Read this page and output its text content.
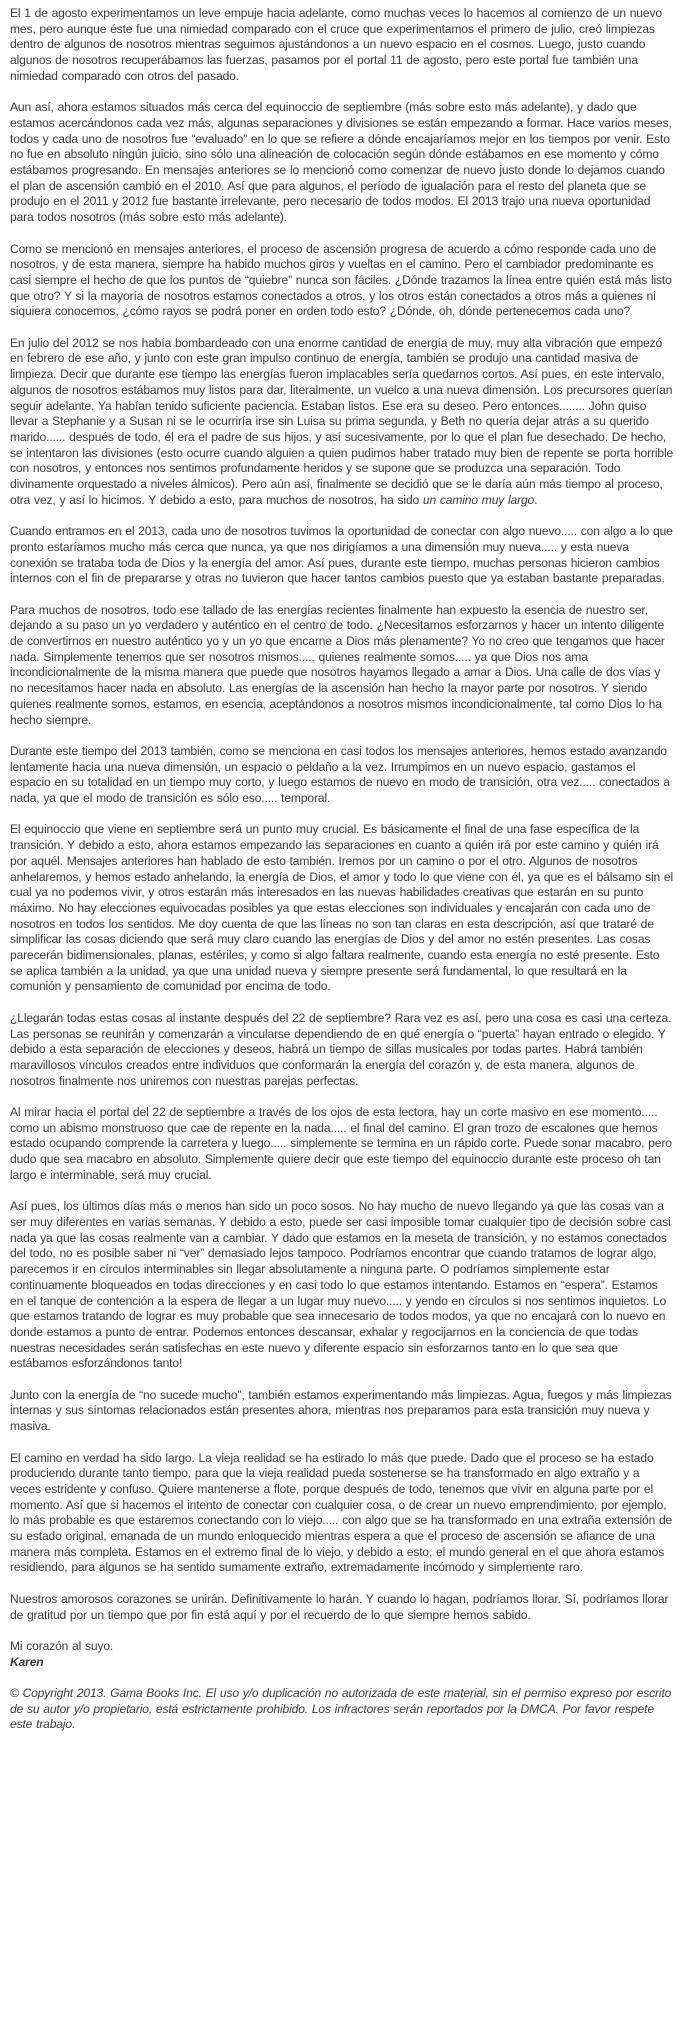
El 1 de agosto experimentamos un leve empuje hacia adelante, como muchas veces lo hacemos al comienzo de un nuevo mes, pero aunque éste fue una nimiedad comparado con el cruce que experimentamos el primero de julio, creó limpiezas dentro de algunos de nosotros mientras seguimos ajustándonos a un nuevo espacio en el cosmos. Luego, justo cuando algunos de nosotros recuperábamos las fuerzas, pasamos por el portal 11 de agosto, pero este portal fue también una nimiedad comparado con otros del pasado.

Aun así, ahora estamos situados más cerca del equinoccio de septiembre (más sobre esto más adelante), y dado que estamos acercándonos cada vez más, algunas separaciones y divisiones se están empezando a formar. Hace varios meses, todos y cada uno de nosotros fue “evaluado” en lo que se refiere a dónde encajaríamos mejor en los tiempos por venir. Esto no fue en absoluto ningún juicio, sino sólo una alineación de colocación según dónde estábamos en ese momento y cómo estábamos progresando. En mensajes anteriores se lo mencionó como comenzar de nuevo justo donde lo dejamos cuando el plan de ascensión cambió en el 2010. Así que para algunos, el período de igualación para el resto del planeta que se produjo en el 2011 y 2012 fue bastante irrelevante, pero necesario de todos modos. El 2013 trajo una nueva oportunidad para todos nosotros (más sobre esto más adelante).

Como se mencionó en mensajes anteriores, el proceso de ascensión progresa de acuerdo a cómo responde cada uno de nosotros, y de esta manera, siempre ha habido muchos giros y vueltas en el camino. Pero el cambiador predominante es casi siempre el hecho de que los puntos de “quiebre” nunca son fáciles. ¿Dónde trazamos la línea entre quién está más listo que otro? Y si la mayoría de nosotros estamos conectados a otros, y los otros están conectados a otros más a quienes ni siquiera conocemos, ¿cómo rayos se podrá poner en orden todo esto? ¿Dónde, oh, dónde pertenecemos cada uno?

En julio del 2012 se nos había bombardeado con una enorme cantidad de energía de muy, muy alta vibración que empezó en febrero de ese año, y junto con este gran impulso continuo de energía, también se produjo una cantidad masiva de limpieza. Decir que durante ese tiempo las energías fueron implacables sería quedarnos cortos. Así pues, en este intervalo, algunos de nosotros estábamos muy listos para dar, literalmente, un vuelco a una nueva dimensión. Los precursores querían seguir adelante. Ya habían tenido suficiente paciencia. Estaban listos. Ese era su deseo. Pero entonces........ John quiso llevar a Stephanie y a Susan ni se le ocurriría irse sin Luisa su prima segunda, y Beth no quería dejar atrás a su querido marido...... después de todo, él era el padre de sus hijos, y así sucesivamente, por lo que el plan fue desechado. De hecho, se intentaron las divisiones (esto ocurre cuando alguien a quien pudimos haber tratado muy bien de repente se porta horrible con nosotros, y entonces nos sentimos profundamente heridos y se supone que se produzca una separación. Todo divinamente orquestado a niveles álmicos). Pero aún así, finalmente se decidió que se le daría aún más tiempo al proceso, otra vez, y así lo hicimos. Y debido a esto, para muchos de nosotros, ha sido un camino muy largo.

Cuando entramos en el 2013, cada uno de nosotros tuvimos la oportunidad de conectar con algo nuevo..... con algo a lo que pronto estaríamos mucho más cerca que nunca, ya que nos dirigíamos a una dimensión muy nueva..... y esta nueva conexión se trataba toda de Dios y la energía del amor. Así pues, durante este tiempo, muchas personas hicieron cambios internos con el fin de prepararse y otras no tuvieron que hacer tantos cambios puesto que ya estaban bastante preparadas.

Para muchos de nosotros, todo ese tallado de las energías recientes finalmente han expuesto la esencia de nuestro ser, dejando a su paso un yo verdadero y auténtico en el centro de todo. ¿Necesitamos esforzarnos y hacer un intento diligente de convertirnos en nuestro auténtico yo y un yo que encarne a Dios más plenamente? Yo no creo que tengamos que hacer nada. Simplemente tenemos que ser nosotros mismos..... quienes realmente somos..... ya que Dios nos ama incondicionalmente de la misma manera que puede que nosotros hayamos llegado a amar a Dios. Una calle de dos vías y no necesitamos hacer nada en absoluto. Las energías de la ascensión han hecho la mayor parte por nosotros. Y siendo quienes realmente somos, estamos, en esencia, aceptándonos a nosotros mismos incondicionalmente, tal como Dios lo ha hecho siempre.

Durante este tiempo del 2013 también, como se menciona en casi todos los mensajes anteriores, hemos estado avanzando lentamente hacia una nueva dimensión, un espacio o peldaño a la vez. Irrumpimos en un nuevo espacio, gastamos el espacio en su totalidad en un tiempo muy corto, y luego estamos de nuevo en modo de transición, otra vez..... conectados a nada, ya que el modo de transición es sólo eso..... temporal.

El equinoccio que viene en septiembre será un punto muy crucial. Es básicamente el final de una fase específica de la transición. Y debido a esto, ahora estamos empezando las separaciones en cuanto a quién irá por este camino y quién irá por aquél. Mensajes anteriores han hablado de esto también. Iremos por un camino o por el otro. Algunos de nosotros anhelaremos, y hemos estado anhelando, la energía de Dios, el amor y todo lo que viene con él, ya que es el bálsamo sin el cual ya no podemos vivir, y otros estarán más interesados en las nuevas habilidades creativas que estarán en su punto máximo. No hay elecciones equivocadas posibles ya que estas elecciones son individuales y encajarán con cada uno de nosotros en todos los sentidos. Me doy cuenta de que las líneas no son tan claras en esta descripción, así que trataré de simplificar las cosas diciendo que será muy claro cuando las energías de Dios y del amor no estén presentes. Las cosas parecerán bidimensionales, planas, estériles, y como si algo faltara realmente, cuando esta energía no esté presente. Esto se aplica también a la unidad, ya que una unidad nueva y siempre presente será fundamental, lo que resultará en la comunión y pensamiento de comunidad por encima de todo.

¿Llegarán todas estas cosas al instante después del 22 de septiembre? Rara vez es así, pero una cosa es casi una certeza. Las personas se reunirán y comenzarán a vincularse dependiendo de en qué energía o “puerta” hayan entrado o elegido. Y debido a esta separación de elecciones y deseos, habrá un tiempo de sillas musicales por todas partes. Habrá también maravillosos vínculos creados entre individuos que conformarán la energía del corazón y, de esta manera, algunos de nosotros finalmente nos uniremos con nuestras parejas perfectas.

Al mirar hacia el portal del 22 de septiembre a través de los ojos de esta lectora, hay un corte masivo en ese momento..... como un abismo monstruoso que cae de repente en la nada..... el final del camino. El gran trozo de escalones que hemos estado ocupando comprende la carretera y luego..... simplemente se termina en un rápido corte. Puede sonar macabro, pero dudo que sea macabro en absoluto. Simplemente quiere decir que este tiempo del equinoccio durante este proceso oh tan largo e interminable, será muy crucial.

Así pues, los últimos días más o menos han sido un poco sosos. No hay mucho de nuevo llegando ya que las cosas van a ser muy diferentes en varias semanas. Y debido a esto, puede ser casi imposible tomar cualquier tipo de decisión sobre casi nada ya que las cosas realmente van a cambiar. Y dado que estamos en la meseta de transición, y no estamos conectados del todo, no es posible saber ni “ver” demasiado lejos tampoco. Podríamos encontrar que cuando tratamos de lograr algo, parecemos ir en círculos interminables sin llegar absolutamente a ninguna parte. O podríamos simplemente estar continuamente bloqueados en todas direcciones y en casi todo lo que estamos intentando. Estamos en “espera”. Estamos en el tanque de contención a la espera de llegar a un lugar muy nuevo..... y yendo en círculos si nos sentimos inquietos. Lo que estamos tratando de lograr es muy probable que sea innecesario de todos modos, ya que no encajará con lo nuevo en donde estamos a punto de entrar. Podemos entonces descansar, exhalar y regocijarnos en la conciencia de que todas nuestras necesidades serán satisfechas en este nuevo y diferente espacio sin esforzarnos tanto en lo que sea que estábamos esforzándonos tanto!

Junto con la energía de “no sucede mucho”, también estamos experimentando más limpiezas. Agua, fuegos y más limpiezas internas y sus síntomas relacionados están presentes ahora, mientras nos preparamos para esta transición muy nueva y masiva.

El camino en verdad ha sido largo. La vieja realidad se ha estirado lo más que puede. Dado que el proceso se ha estado produciendo durante tanto tiempo, para que la vieja realidad pueda sostenerse se ha transformado en algo extraño y a veces estridente y confuso. Quiere mantenerse a flote, porque después de todo, tenemos que vivir en alguna parte por el momento. Así que si hacemos el intento de conectar con cualquier cosa, o de crear un nuevo emprendimiento, por ejemplo, lo más probable es que estaremos conectando con lo viejo..... con algo que se ha transformado en una extraña extensión de su estado original, emanada de un mundo enloquecido mientras espera a que el proceso de ascensión se afiance de una manera más completa. Estamos en el extremo final de lo viejo, y debido a esto, el mundo general en el que ahora estamos residiendo, para algunos se ha sentido sumamente extraño, extremadamente incómodo y simplemente raro.

Nuestros amorosos corazones se unirán. Definitivamente lo harán. Y cuando lo hagan, podríamos llorar. Sí, podríamos llorar de gratitud por un tiempo que por fin está aquí y por el recuerdo de lo que siempre hemos sabido.

Mi corazón al suyo.

Karen

© Copyright 2013. Gama Books Inc. El uso y/o duplicación no autorizada de este material, sin el permiso expreso por escrito de su autor y/o propietario, está estrictamente prohibido. Los infractores serán reportados por la DMCA. Por favor respete este trabajo.
